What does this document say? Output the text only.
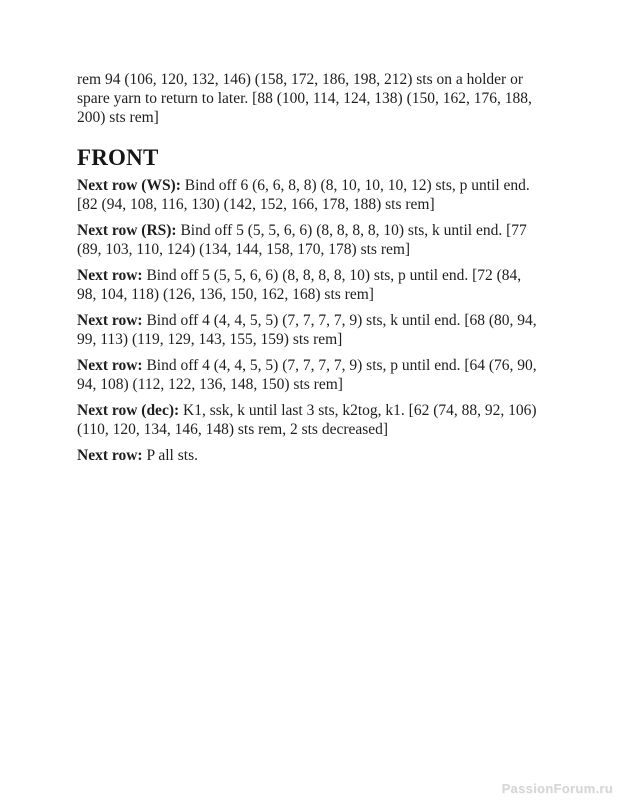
rem 94 (106, 120, 132, 146) (158, 172, 186, 198, 212) sts on a holder or spare yarn to return to later. [88 (100, 114, 124, 138) (150, 162, 176, 188, 200) sts rem]

FRONT

Next row (WS): Bind off 6 (6, 6, 8, 8) (8, 10, 10, 10, 12) sts, p until end. [82 (94, 108, 116, 130) (142, 152, 166, 178, 188) sts rem]

Next row (RS): Bind off 5 (5, 5, 6, 6) (8, 8, 8, 8, 10) sts, k until end. [77 (89, 103, 110, 124) (134, 144, 158, 170, 178) sts rem]

Next row: Bind off 5 (5, 5, 6, 6) (8, 8, 8, 8, 10) sts, p until end. [72 (84, 98, 104, 118) (126, 136, 150, 162, 168) sts rem]

Next row: Bind off 4 (4, 4, 5, 5) (7, 7, 7, 7, 9) sts, k until end. [68 (80, 94, 99, 113) (119, 129, 143, 155, 159) sts rem]

Next row: Bind off 4 (4, 4, 5, 5) (7, 7, 7, 7, 9) sts, p until end. [64 (76, 90, 94, 108) (112, 122, 136, 148, 150) sts rem]

Next row (dec): K1, ssk, k until last 3 sts, k2tog, k1. [62 (74, 88, 92, 106) (110, 120, 134, 146, 148) sts rem, 2 sts decreased]

Next row: P all sts.

PassionForum.ru
